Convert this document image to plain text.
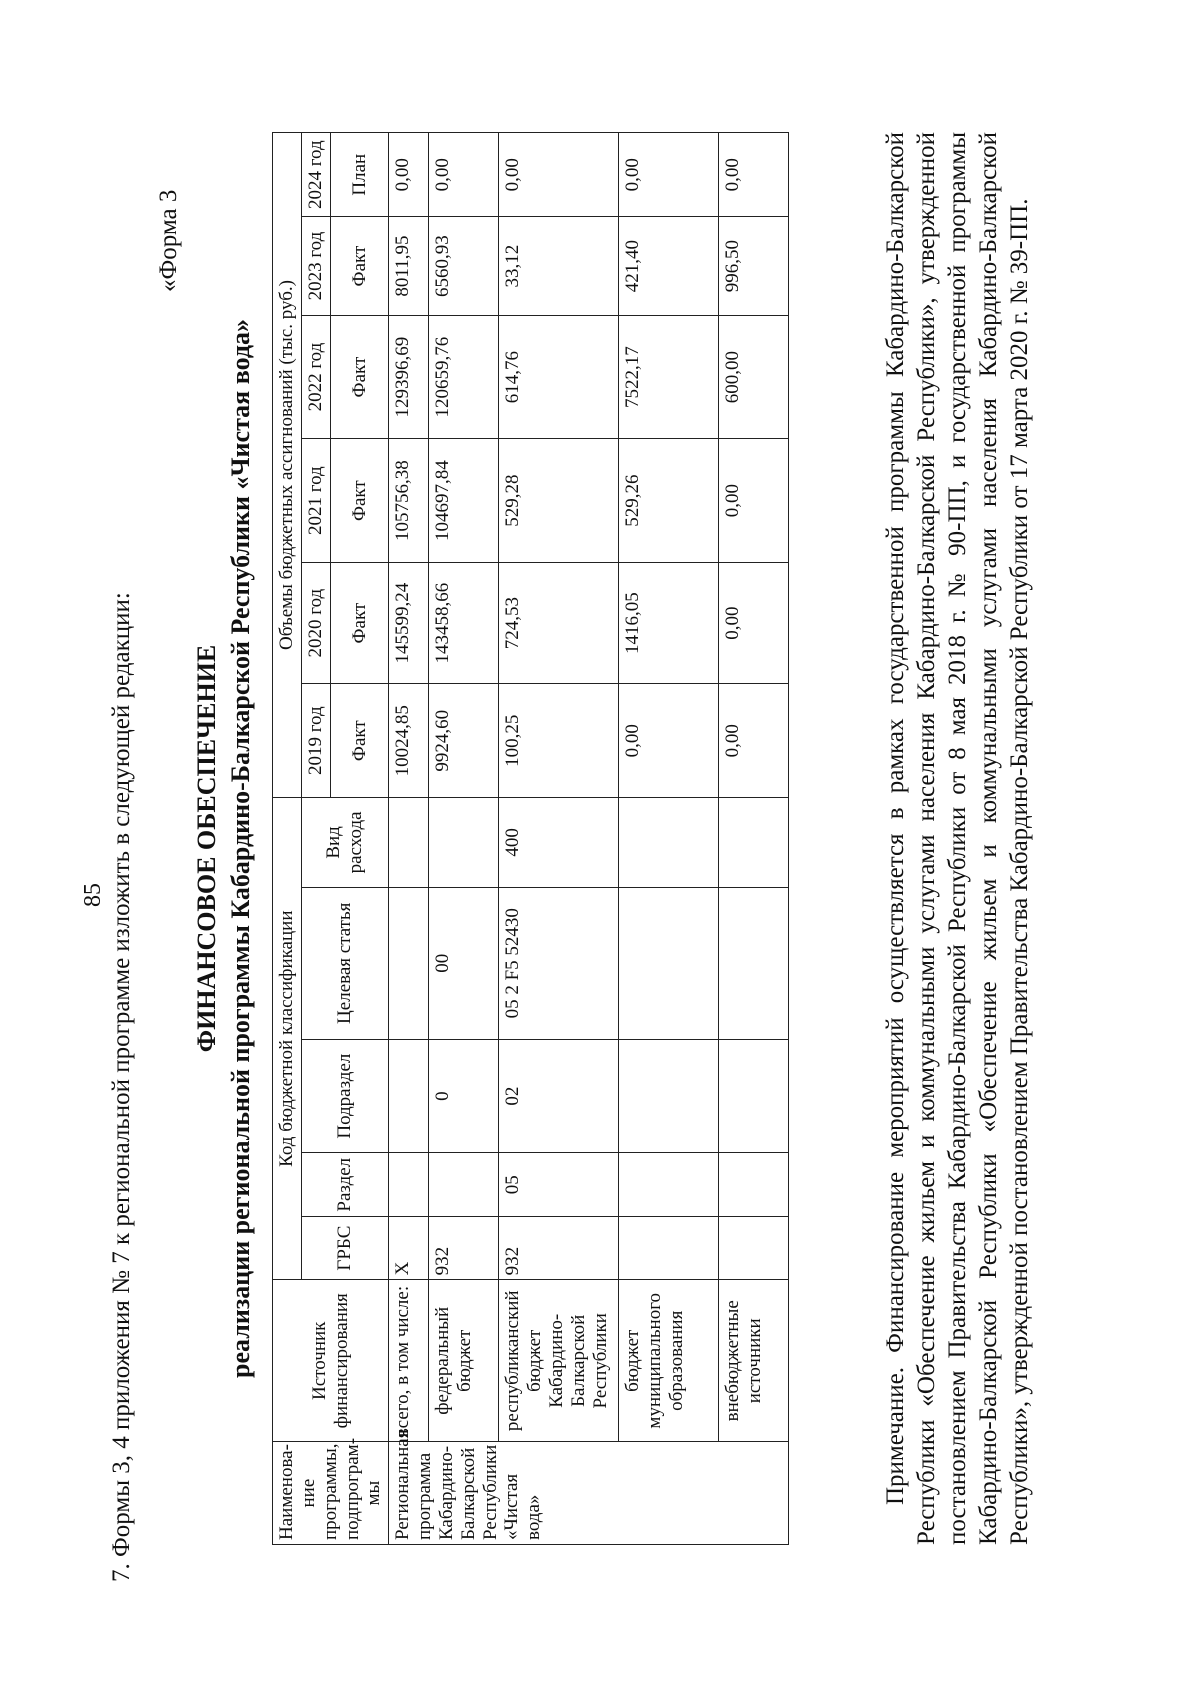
85 7. Формы 3, 4 приложения № 7 к региональной программе изложить в следующей редакции:
«Форма 3
ФИНАНСОВОЕ ОБЕСПЕЧЕНИЕ реализации региональной программы Кабардино-Балкарской Республики «Чистая вода»
Наименова-ние программы, подпрограм-мы	Источник финансирования	Код бюджетной классификации					Объемы бюджетных ассигнований (тыс. руб.)					
		ГРБС	Раздел	Подраздел	Целевая статья	Вид расхода	2019 год	2020 год	2021 год	2022 год	2023 год	2024 год
							Факт	Факт	Факт	Факт	Факт	План
Региональная программа Кабардино-Балкарской Республики «Чистая вода»	всего, в том числе:	Х					10024,85	145599,24	105756,38	129396,69	8011,95	0,00
	федеральный бюджет	932		0	00		9924,60	143458,66	104697,84	120659,76	6560,93	0,00
	республиканский бюджет Кабардино-Балкарской Республики	932	05	02	05 2 F5 52430	400	100,25	724,53	529,28	614,76	33,12	0,00
	бюджет муниципального образования						0,00	1416,05	529,26	7522,17	421,40	0,00
	внебюджетные источники						0,00	0,00	0,00	600,00	996,50	0,00	Примечание. Финансирование мероприятий осуществляется в рамках государственной программы Кабардино-Балкарской Республики «Обеспечение жильем и коммунальными услугами населения Кабардино-Балкарской Республики», утвержденной постановлением Правительства Кабардино-Балкарской Республики от 8 мая 2018 г. № 90-ПП, и государственной программы Кабардино-Балкарской Республики «Обеспечение жильем и коммунальными услугами населения Кабардино-Балкарской Республики», утвержденной постановлением Правительства Кабардино-Балкарской Республики от 17 марта 2020 г. № 39-ПП.
